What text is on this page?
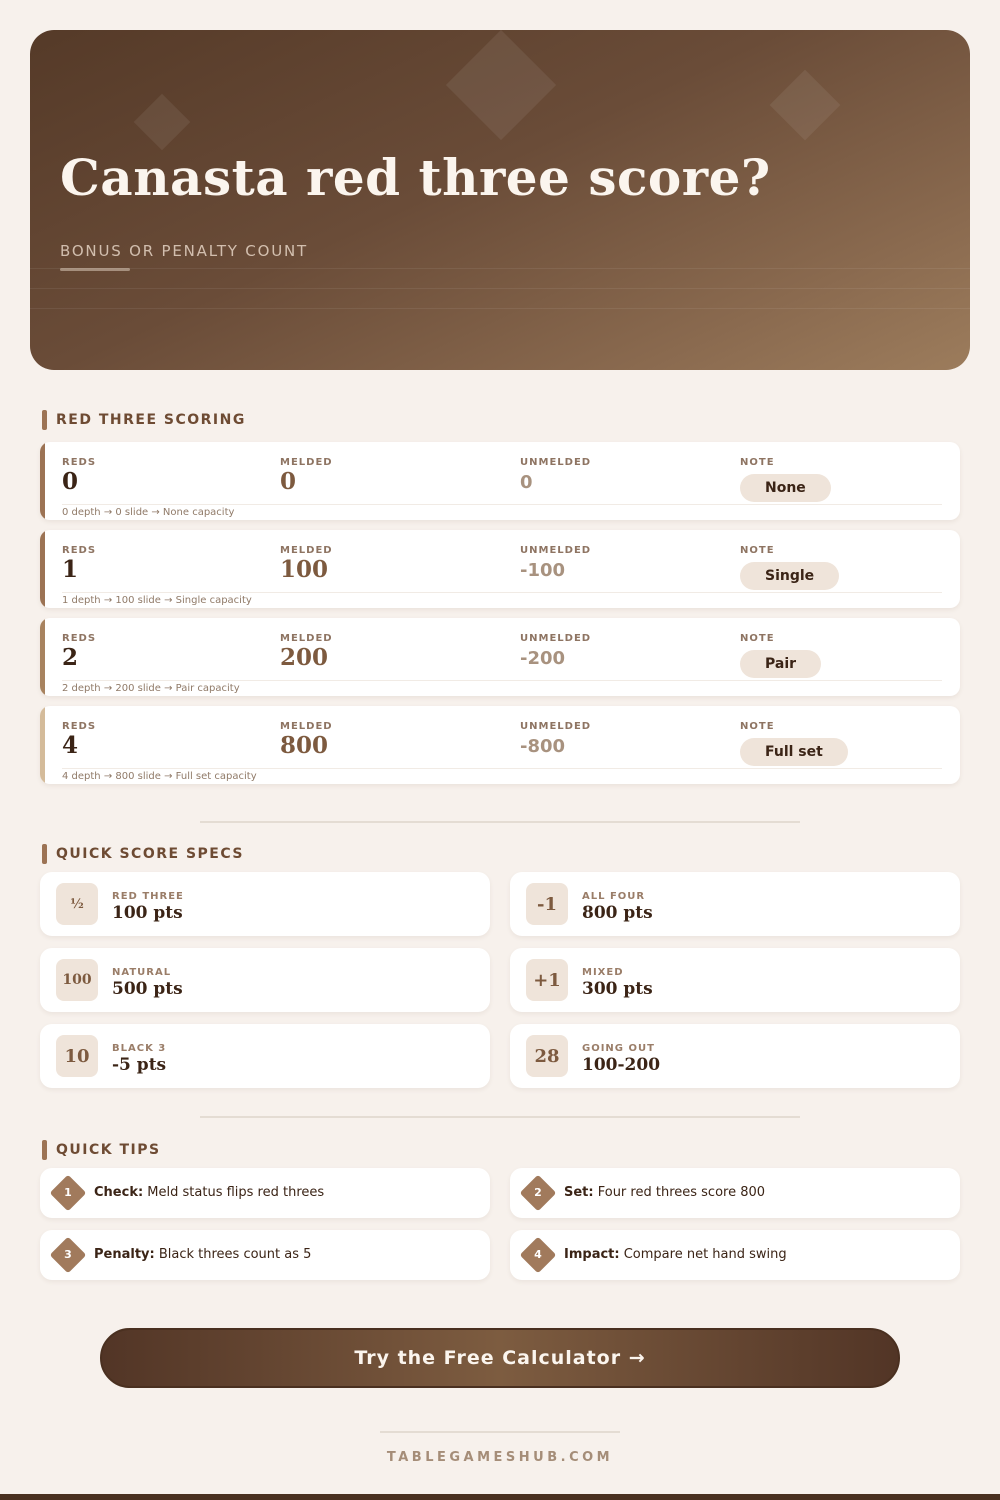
Canasta red three score?
BONUS OR PENALTY COUNT
RED THREE SCORING
REDS	MELDED	UNMELDED	NOTE
0	0	0	None
0 depth → 0 slide → None capacity
REDS	MELDED	UNMELDED	NOTE
1	100	-100	Single
1 depth → 100 slide → Single capacity
REDS	MELDED	UNMELDED	NOTE
2	200	-200	Pair
2 depth → 200 slide → Pair capacity
REDS	MELDED	UNMELDED	NOTE
4	800	-800	Full set
4 depth → 800 slide → Full set capacity
QUICK SCORE SPECS
½	RED THREE
100 pts	-1	ALL FOUR
800 pts
100	NATURAL
500 pts	+1	MIXED
300 pts
10	BLACK 3
-5 pts	28	GOING OUT
100-200
QUICK TIPS
1	Check: Meld status flips red threes	2	Set: Four red threes score 800
3	Penalty: Black threes count as 5	4	Impact: Compare net hand swing
Try the Free Calculator →
TABLEGAMESHUB.COM
